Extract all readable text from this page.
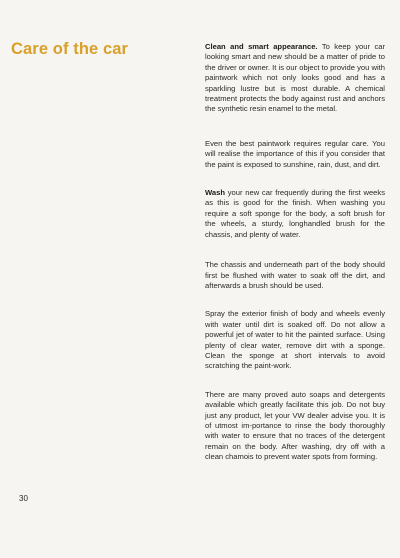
Care of the car	Clean and smart appearance. To keep your car looking smart and new should be a matter of pride to the driver or owner. It is our object to provide you with paintwork which not only looks good and has a sparkling lustre but is most durable. A chemical treatment protects the body against rust and anchors the synthetic resin enamel to the metal.

Even the best paintwork requires regular care. You will realise the importance of this if you consider that the paint is exposed to sunshine, rain, dust, and dirt.

Wash your new car frequently during the first weeks as this is good for the finish. When washing you require a soft sponge for the body, a soft brush for the wheels, a sturdy, longhandled brush for the chassis, and plenty of water.

The chassis and underneath part of the body should first be flushed with water to soak off the dirt, and afterwards a brush should be used.

Spray the exterior finish of body and wheels evenly with water until dirt is soaked off. Do not allow a powerful jet of water to hit the painted surface. Using plenty of clear water, remove dirt with a sponge. Clean the sponge at short intervals to avoid scratching the paint-work.

There are many proved auto soaps and detergents available which greatly facilitate this job. Do not buy just any product, let your VW dealer advise you. It is of utmost im-portance to rinse the body thoroughly with water to ensure that no traces of the detergent remain on the body. After washing, dry off with a clean chamois to prevent water spots from forming.

30
